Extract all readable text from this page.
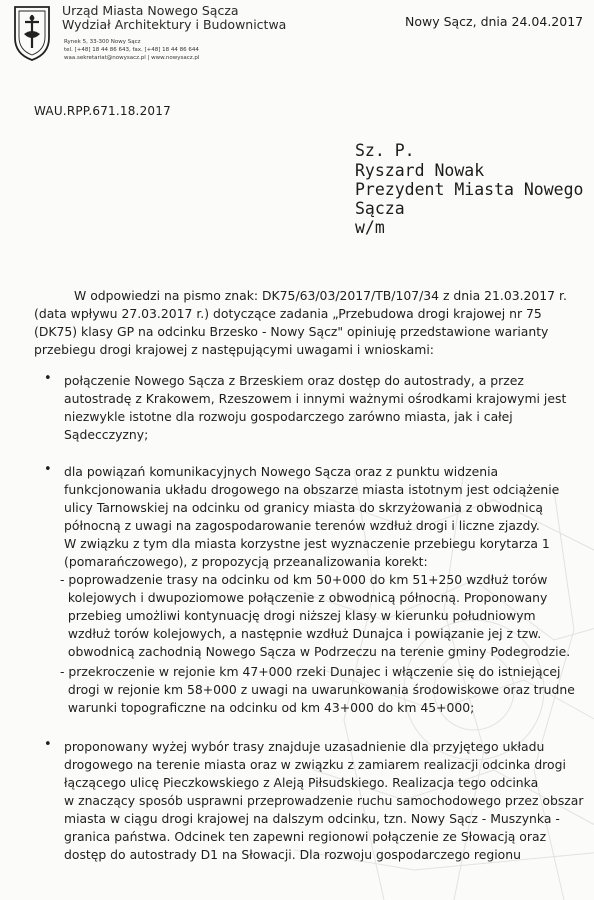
Urząd Miasta Nowego Sącza
Wydział Architektury i Budownictwa
Rynek 5, 33-300 Nowy Sącz
tel. [+48] 18 44 86 643, fax. [+48] 18 44 86 644
waa.sekretariat@nowysacz.pl | www.nowysacz.pl
Nowy Sącz, dnia 24.04.2017
WAU.RPP.671.18.2017
Sz. P.
Ryszard Nowak
Prezydent Miasta Nowego
Sącza
w/m
W odpowiedzi na pismo znak: DK75/63/03/2017/TB/107/34 z dnia 21.03.2017 r.
(data wpływu 27.03.2017 r.) dotyczące zadania „Przebudowa drogi krajowej nr 75
(DK75) klasy GP na odcinku Brzesko - Nowy Sącz" opiniuję przedstawione warianty
przebiegu drogi krajowej z następującymi uwagami i wnioskami:
• połączenie Nowego Sącza z Brzeskiem oraz dostęp do autostrady, a przez
autostradę z Krakowem, Rzeszowem i innymi ważnymi ośrodkami krajowymi jest
niezwykle istotne dla rozwoju gospodarczego zarówno miasta, jak i całej
Sądecczyzny;
• dla powiązań komunikacyjnych Nowego Sącza oraz z punktu widzenia
funkcjonowania układu drogowego na obszarze miasta istotnym jest odciążenie
ulicy Tarnowskiej na odcinku od granicy miasta do skrzyżowania z obwodnicą
północną z uwagi na zagospodarowanie terenów wzdłuż drogi i liczne zjazdy.
W związku z tym dla miasta korzystne jest wyznaczenie przebiegu korytarza 1
(pomarańczowego), z propozycją przeanalizowania korekt:
- poprowadzenie trasy na odcinku od km 50+000 do km 51+250 wzdłuż torów
kolejowych i dwupoziomowe połączenie z obwodnicą północną. Proponowany
przebieg umożliwi kontynuację drogi niższej klasy w kierunku południowym
wzdłuż torów kolejowych, a następnie wzdłuż Dunajca i powiązanie jej z tzw.
obwodnicą zachodnią Nowego Sącza w Podrzeczu na terenie gminy Podegrodzie.
- przekroczenie w rejonie km 47+000 rzeki Dunajec i włączenie się do istniejącej
drogi w rejonie km 58+000 z uwagi na uwarunkowania środowiskowe oraz trudne
warunki topograficzne na odcinku od km 43+000 do km 45+000;
• proponowany wyżej wybór trasy znajduje uzasadnienie dla przyjętego układu
drogowego na terenie miasta oraz w związku z zamiarem realizacji odcinka drogi
łączącego ulicę Pieczkowskiego z Aleją Piłsudskiego. Realizacja tego odcinka
w znaczący sposób usprawni przeprowadzenie ruchu samochodowego przez obszar
miasta w ciągu drogi krajowej na dalszym odcinku, tzn. Nowy Sącz - Muszynka -
granica państwa. Odcinek ten zapewni regionowi połączenie ze Słowacją oraz
dostęp do autostrady D1 na Słowacji. Dla rozwoju gospodarczego regionu
